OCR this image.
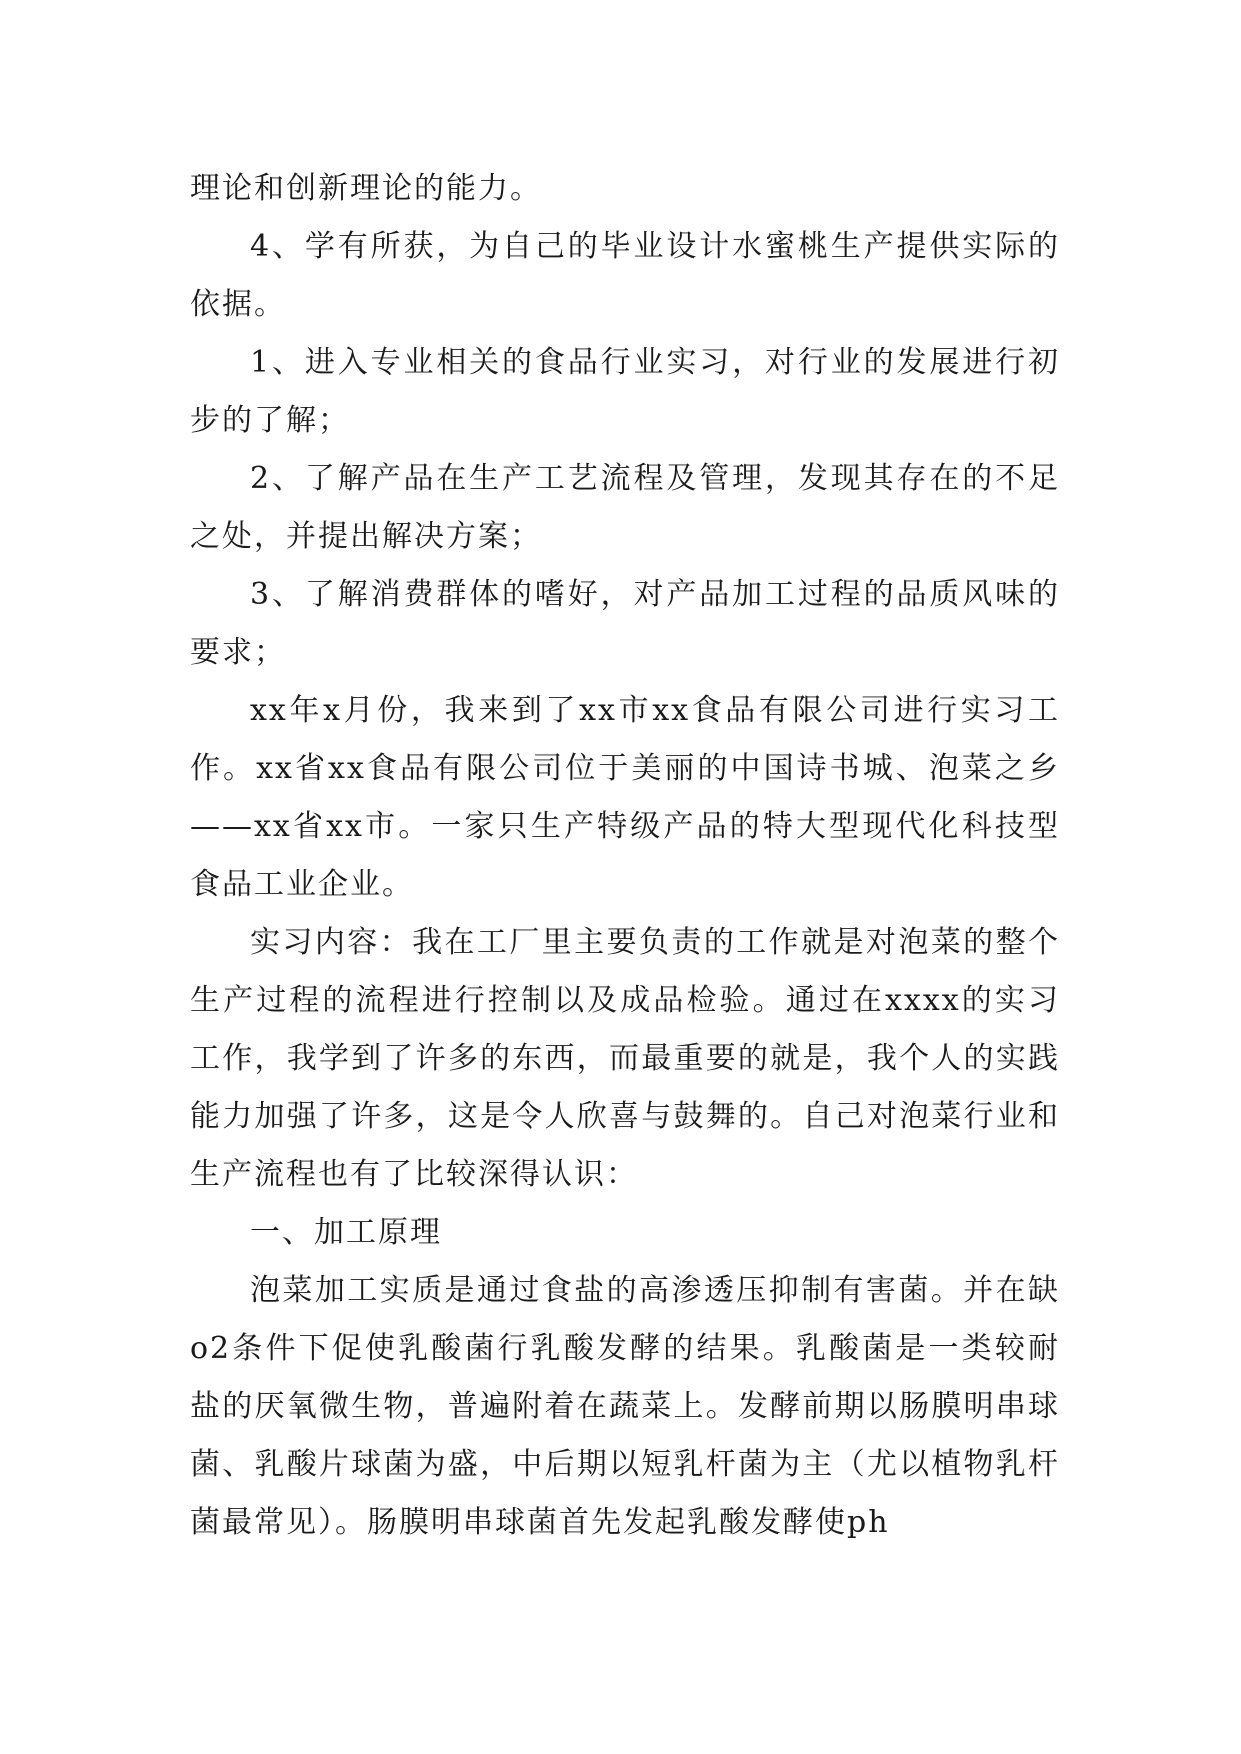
理论和创新理论的能力。

4、学有所获，为自己的毕业设计水蜜桃生产提供实际的依据。

1、进入专业相关的食品行业实习，对行业的发展进行初步的了解；

2、了解产品在生产工艺流程及管理，发现其存在的不足之处，并提出解决方案；

3、了解消费群体的嗜好，对产品加工过程的品质风味的要求；

xx年x月份，我来到了xx市xx食品有限公司进行实习工作。xx省xx食品有限公司位于美丽的中国诗书城、泡菜之乡——xx省xx市。一家只生产特级产品的特大型现代化科技型食品工业企业。

实习内容：我在工厂里主要负责的工作就是对泡菜的整个生产过程的流程进行控制以及成品检验。通过在xxxx的实习工作，我学到了许多的东西，而最重要的就是，我个人的实践能力加强了许多，这是令人欣喜与鼓舞的。自己对泡菜行业和生产流程也有了比较深得认识：

一、加工原理

泡菜加工实质是通过食盐的高渗透压抑制有害菌。并在缺o2条件下促使乳酸菌行乳酸发酵的结果。乳酸菌是一类较耐盐的厌氧微生物，普遍附着在蔬菜上。发酵前期以肠膜明串球菌、乳酸片球菌为盛，中后期以短乳杆菌为主（尤以植物乳杆菌最常见）。肠膜明串球菌首先发起乳酸发酵使ph
